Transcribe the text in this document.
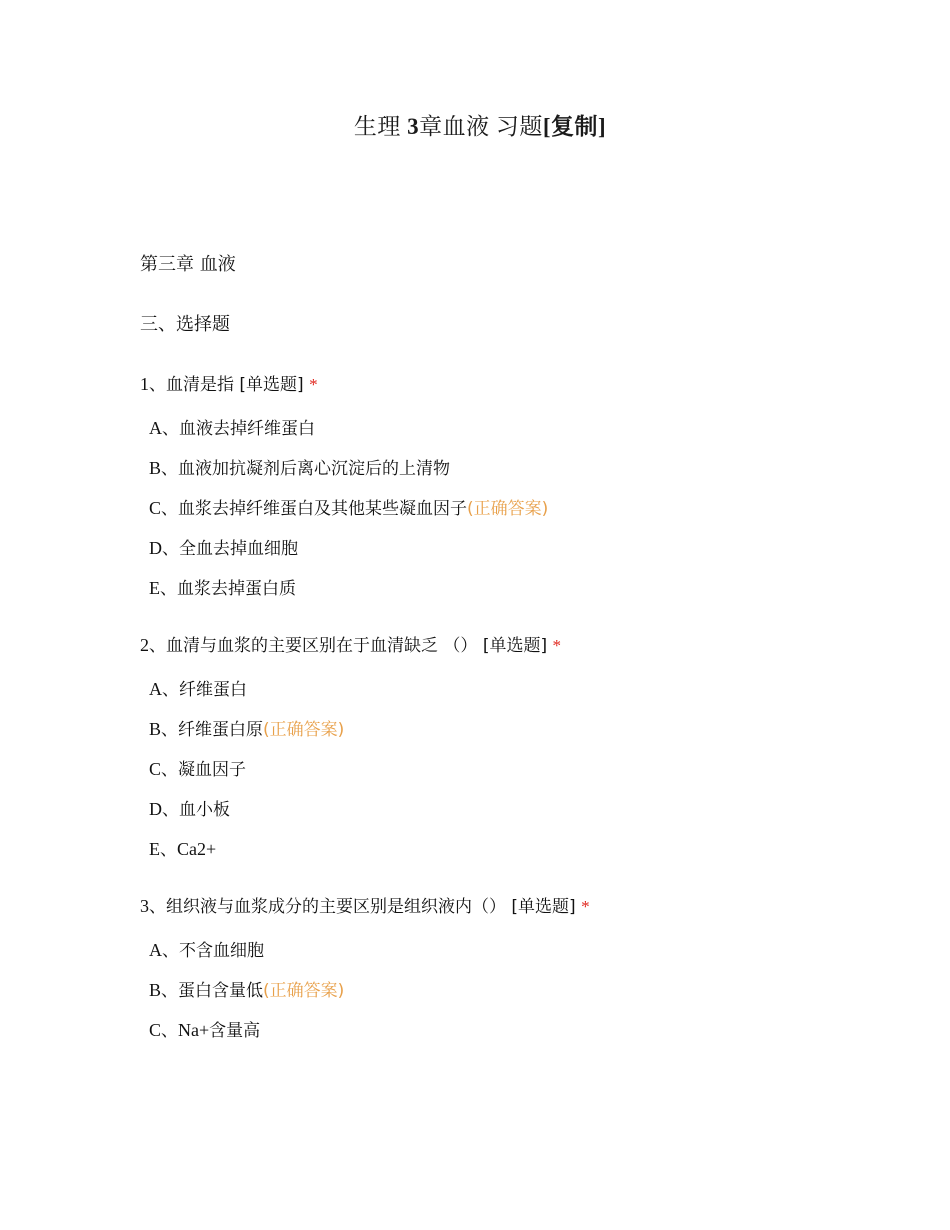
生理 3章血液 习题[复制]
第三章 血液
三、选择题
1、血清是指 [单选题] *
A、血液去掉纤维蛋白
B、血液加抗凝剂后离心沉淀后的上清物
C、血浆去掉纤维蛋白及其他某些凝血因子(正确答案)
D、全血去掉血细胞
E、血浆去掉蛋白质
2、血清与血浆的主要区别在于血清缺乏 （） [单选题] *
A、纤维蛋白
B、纤维蛋白原(正确答案)
C、凝血因子
D、血小板
E、Ca2+
3、组织液与血浆成分的主要区别是组织液内（） [单选题] *
A、不含血细胞
B、蛋白含量低(正确答案)
C、Na+含量高
